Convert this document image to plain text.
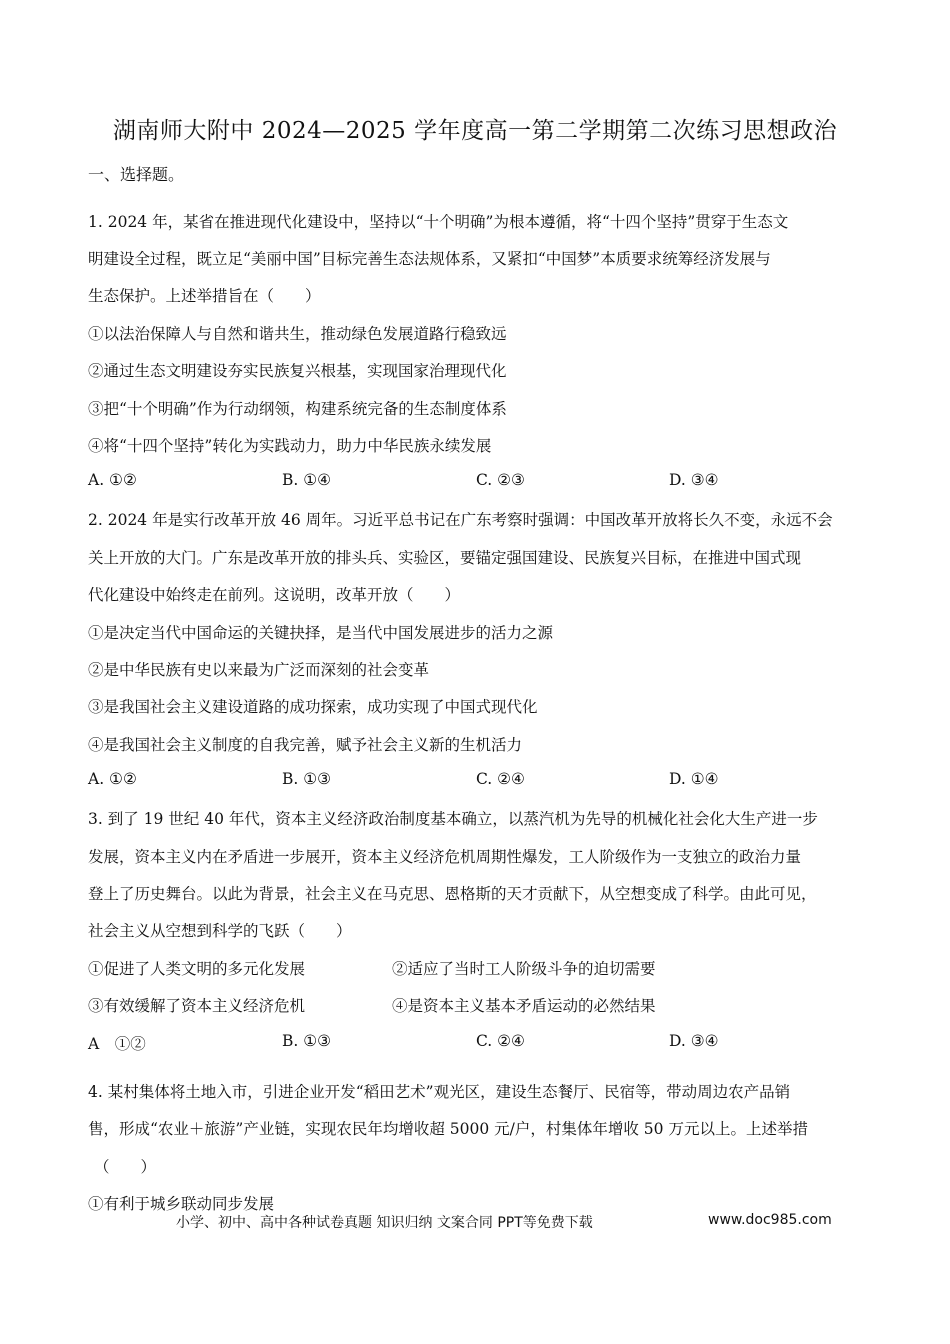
湖南师大附中 2024—2025 学年度高一第二学期第二次练习思想政治
一、选择题。
1. 2024 年，某省在推进现代化建设中，坚持以“十个明确”为根本遵循，将“十四个坚持”贯穿于生态文
明建设全过程，既立足“美丽中国”目标完善生态法规体系，又紧扣“中国梦”本质要求统筹经济发展与
生态保护。上述举措旨在（　　）
①以法治保障人与自然和谐共生，推动绿色发展道路行稳致远
②通过生态文明建设夯实民族复兴根基，实现国家治理现代化
③把“十个明确”作为行动纲领，构建系统完备的生态制度体系
④将“十四个坚持”转化为实践动力，助力中华民族永续发展
A. ①②	B. ①④	C. ②③	D. ③④
2. 2024 年是实行改革开放 46 周年。习近平总书记在广东考察时强调：中国改革开放将长久不变，永远不会
关上开放的大门。广东是改革开放的排头兵、实验区，要锚定强国建设、民族复兴目标，在推进中国式现
代化建设中始终走在前列。这说明，改革开放（　　）
①是决定当代中国命运的关键抉择，是当代中国发展进步的活力之源
②是中华民族有史以来最为广泛而深刻的社会变革
③是我国社会主义建设道路的成功探索，成功实现了中国式现代化
④是我国社会主义制度的自我完善，赋予社会主义新的生机活力
A. ①②	B. ①③	C. ②④	D. ①④
3. 到了 19 世纪 40 年代，资本主义经济政治制度基本确立，以蒸汽机为先导的机械化社会化大生产进一步
发展，资本主义内在矛盾进一步展开，资本主义经济危机周期性爆发，工人阶级作为一支独立的政治力量
登上了历史舞台。以此为背景，社会主义在马克思、恩格斯的天才贡献下，从空想变成了科学。由此可见，
社会主义从空想到科学的飞跃（　　）
①促进了人类文明的多元化发展	②适应了当时工人阶级斗争的迫切需要
③有效缓解了资本主义经济危机	④是资本主义基本矛盾运动的必然结果
A　①②	B. ①③	C. ②④	D. ③④
4. 某村集体将土地入市，引进企业开发“稻田艺术”观光区，建设生态餐厅、民宿等，带动周边农产品销
售，形成“农业＋旅游”产业链，实现农民年均增收超 5000 元/户，村集体年增收 50 万元以上。上述举措
（　　）
①有利于城乡联动同步发展
小学、初中、高中各种试卷真题 知识归纳 文案合同 PPT等免费下载	www.doc985.com
